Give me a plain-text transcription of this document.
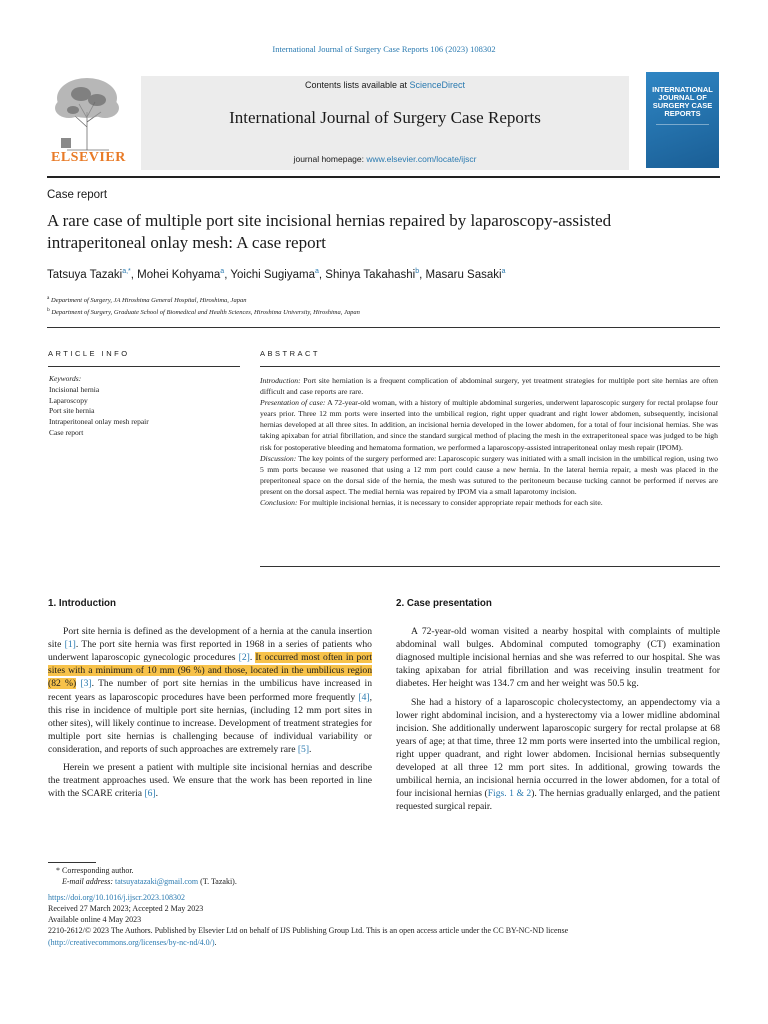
International Journal of Surgery Case Reports 106 (2023) 108302
ELSEVIER
Contents lists available at ScienceDirect
International Journal of Surgery Case Reports
journal homepage: www.elsevier.com/locate/ijscr
INTERNATIONAL JOURNAL OF SURGERY CASE REPORTS
Case report
A rare case of multiple port site incisional hernias repaired by laparoscopy-assisted intraperitoneal onlay mesh: A case report
Tatsuya Tazaki$^{a,*}$, Mohei Kohyama$^a$, Yoichi Sugiyama$^a$, Shinya Takahashi$^b$, Masaru Sasaki$^a$
$^a$ Department of Surgery, JA Hiroshima General Hospital, Hiroshima, Japan
$^b$ Department of Surgery, Graduate School of Biomedical and Health Sciences, Hiroshima University, Hiroshima, Japan
ARTICLE INFO	ABSTRACT
Keywords:
Incisional hernia
Laparoscopy
Port site hernia
Intraperitoneal onlay mesh repair
Case report

Introduction: Port site herniation is a frequent complication of abdominal surgery, yet treatment strategies for multiple port site hernias are often difficult and case reports are rare.

Presentation of case: A 72-year-old woman, with a history of multiple abdominal surgeries, underwent laparoscopic surgery for rectal prolapse four years prior. Three 12 mm ports were inserted into the umbilical region, right upper quadrant and right lower abdomen, subsequently, incisional hernias developed at all three sites. In addition, an incisional hernia developed in the lower abdomen, for a total of four incisional hernias. She was taking apixaban for atrial fibrillation, and since the standard surgical method of placing the mesh in the extraperitoneal space was judged to be high risk for postoperative bleeding and hematoma formation, we performed a laparoscopy-assisted intraperitoneal onlay mesh repair (IPOM).

Discussion: The key points of the surgery performed are: Laparoscopic surgery was initiated with a small incision in the umbilical region, using two 5 mm ports because we reasoned that using a 12 mm port could cause a new hernia. In the lateral hernia repair, a mesh was placed in the preperitoneal space on the dorsal side of the hernia, the mesh was sutured to the peritoneum because tucking cannot be performed if nerves are present on the dorsal aspect. The medial hernia was repaired by IPOM via a small laparotomy incision.

Conclusion: For multiple incisional hernias, it is necessary to consider appropriate repair methods for each site.

1. Introduction

Port site hernia is defined as the development of a hernia at the canula insertion site [1]. The port site hernia was first reported in 1968 in a series of patients who underwent laparoscopic gynecologic procedures [2]. It occurred most often in port sites with a minimum of 10 mm (96 %) and those, located in the umbilicus region (82 %) [3]. The number of port site hernias in the umbilicus have increased in recent years as laparoscopic procedures have been performed more frequently [4], this rise in incidence of multiple port site hernias, (including 12 mm port sites in other sites), will likely continue to increase. Development of treatment strategies for multiple port site hernias is challenging because of individual variability or consideration, and reports of such approaches are extremely rare [5].

Herein we present a patient with multiple site incisional hernias and describe the treatment approaches used. We ensure that the work has been reported in line with the SCARE criteria [6].

2. Case presentation

A 72-year-old woman visited a nearby hospital with complaints of multiple abdominal wall bulges. Abdominal computed tomography (CT) examination diagnosed multiple incisional hernias and she was referred to our hospital. She was taking apixaban for atrial fibrillation and was receiving insulin treatment for diabetes. Her height was 134.7 cm and her weight was 50.5 kg.

She had a history of a laparoscopic cholecystectomy, an appendectomy via a lower right abdominal incision, and a hysterectomy via a lower midline abdominal incision. She additionally underwent laparoscopic surgery for rectal prolapse at 68 years of age; at that time, three 12 mm ports were inserted into the umbilical region, right upper quadrant, and right lower abdomen. Incisional hernias subsequently developed at all three 12 mm port sites. In additional, growing towards the umbilical hernia, an incisional hernia occurred in the lower abdomen, for a total of four incisional hernias (Figs. 1 & 2). The hernias gradually enlarged, and the patient requested surgical repair.

* Corresponding author.
E-mail address: tatsuyatazaki@gmail.com (T. Tazaki).
https://doi.org/10.1016/j.ijscr.2023.108302
Received 27 March 2023; Accepted 2 May 2023
Available online 4 May 2023
2210-2612/© 2023 The Authors. Published by Elsevier Ltd on behalf of IJS Publishing Group Ltd. This is an open access article under the CC BY-NC-ND license
(http://creativecommons.org/licenses/by-nc-nd/4.0/).
